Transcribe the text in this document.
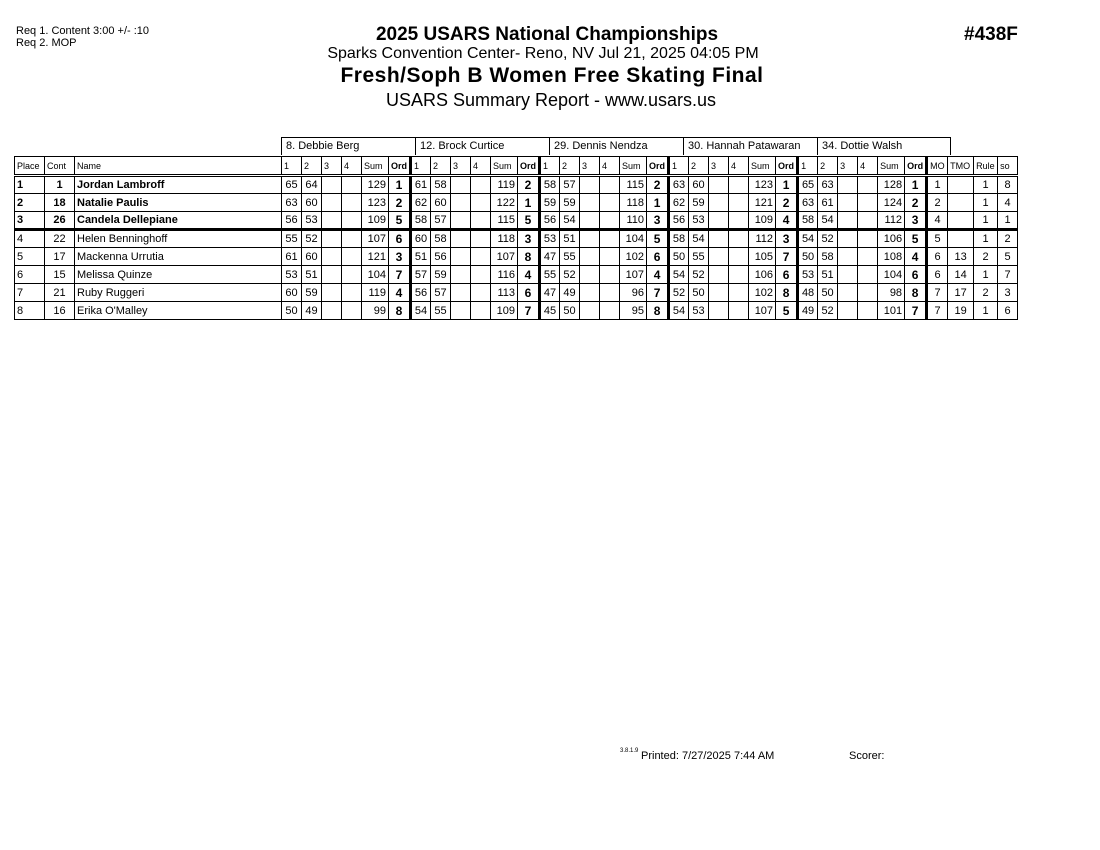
Req 1. Content 3:00 +/- :10
Req 2. MOP	#438F
2025 USARS National Championships
Sparks Convention Center- Reno, NV Jul 21, 2025 04:05 PM
Fresh/Soph B Women Free Skating Final
USARS Summary Report - www.usars.us
8. Debbie Berg	12. Brock Curtice	29. Dennis Nendza	30. Hannah Patawaran	34. Dottie Walsh
Place	Cont	Name	1	2	3	4	Sum	Ord	1	2	3	4	Sum	Ord	1	2	3	4	Sum	Ord	1	2	3	4	Sum	Ord	1	2	3	4	Sum	Ord	MO	TMO	Rule	so
1	1	Jordan Lambroff	65	64			129	1	61	58			119	2	58	57			115	2	63	60			123	1	65	63			128	1	1		1	8
2	18	Natalie Paulis	63	60			123	2	62	60			122	1	59	59			118	1	62	59			121	2	63	61			124	2	2		1	4
3	26	Candela Dellepiane	56	53			109	5	58	57			115	5	56	54			110	3	56	53			109	4	58	54			112	3	4		1	1
4	22	Helen Benninghoff	55	52			107	6	60	58			118	3	53	51			104	5	58	54			112	3	54	52			106	5	5		1	2
5	17	Mackenna Urrutia	61	60			121	3	51	56			107	8	47	55			102	6	50	55			105	7	50	58			108	4	6	13	2	5
6	15	Melissa Quinze	53	51			104	7	57	59			116	4	55	52			107	4	54	52			106	6	53	51			104	6	6	14	1	7
7	21	Ruby Ruggeri	60	59			119	4	56	57			113	6	47	49			96	7	52	50			102	8	48	50			98	8	7	17	2	3
8	16	Erika O'Malley	50	49			99	8	54	55			109	7	45	50			95	8	54	53			107	5	49	52			101	7	7	19	1	6
3.8.1.9 Printed: 7/27/2025 7:44 AM	Scorer:
